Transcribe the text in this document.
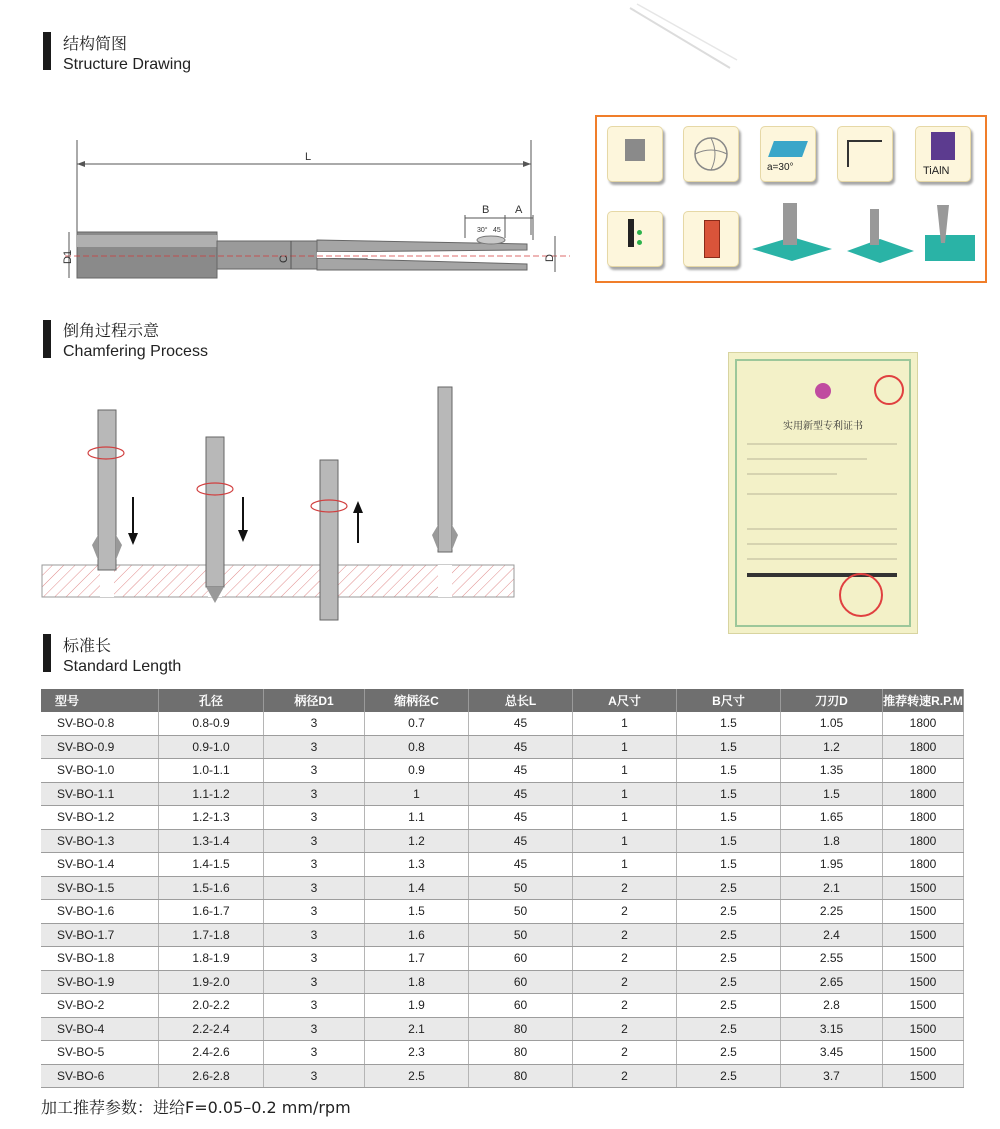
结构简图
Structure Drawing
L
B A
30° 45
D1	C	D
a=30°	TiAlN
倒角过程示意
Chamfering Process
实用新型专利证书
标准长
Standard Length
型号	孔径	柄径D1	缩柄径C	总长L	A尺寸	B尺寸	刀刃D	推荐转速R.P.M
SV-BO-0.8	0.8-0.9	3	0.7	45	1	1.5	1.05	1800
SV-BO-0.9	0.9-1.0	3	0.8	45	1	1.5	1.2	1800
SV-BO-1.0	1.0-1.1	3	0.9	45	1	1.5	1.35	1800
SV-BO-1.1	1.1-1.2	3	1	45	1	1.5	1.5	1800
SV-BO-1.2	1.2-1.3	3	1.1	45	1	1.5	1.65	1800
SV-BO-1.3	1.3-1.4	3	1.2	45	1	1.5	1.8	1800
SV-BO-1.4	1.4-1.5	3	1.3	45	1	1.5	1.95	1800
SV-BO-1.5	1.5-1.6	3	1.4	50	2	2.5	2.1	1500
SV-BO-1.6	1.6-1.7	3	1.5	50	2	2.5	2.25	1500
SV-BO-1.7	1.7-1.8	3	1.6	50	2	2.5	2.4	1500
SV-BO-1.8	1.8-1.9	3	1.7	60	2	2.5	2.55	1500
SV-BO-1.9	1.9-2.0	3	1.8	60	2	2.5	2.65	1500
SV-BO-2	2.0-2.2	3	1.9	60	2	2.5	2.8	1500
SV-BO-4	2.2-2.4	3	2.1	80	2	2.5	3.15	1500
SV-BO-5	2.4-2.6	3	2.3	80	2	2.5	3.45	1500
SV-BO-6	2.6-2.8	3	2.5	80	2	2.5	3.7	1500
加工推荐参数：进给F=0.05–0.2 mm/rpm
